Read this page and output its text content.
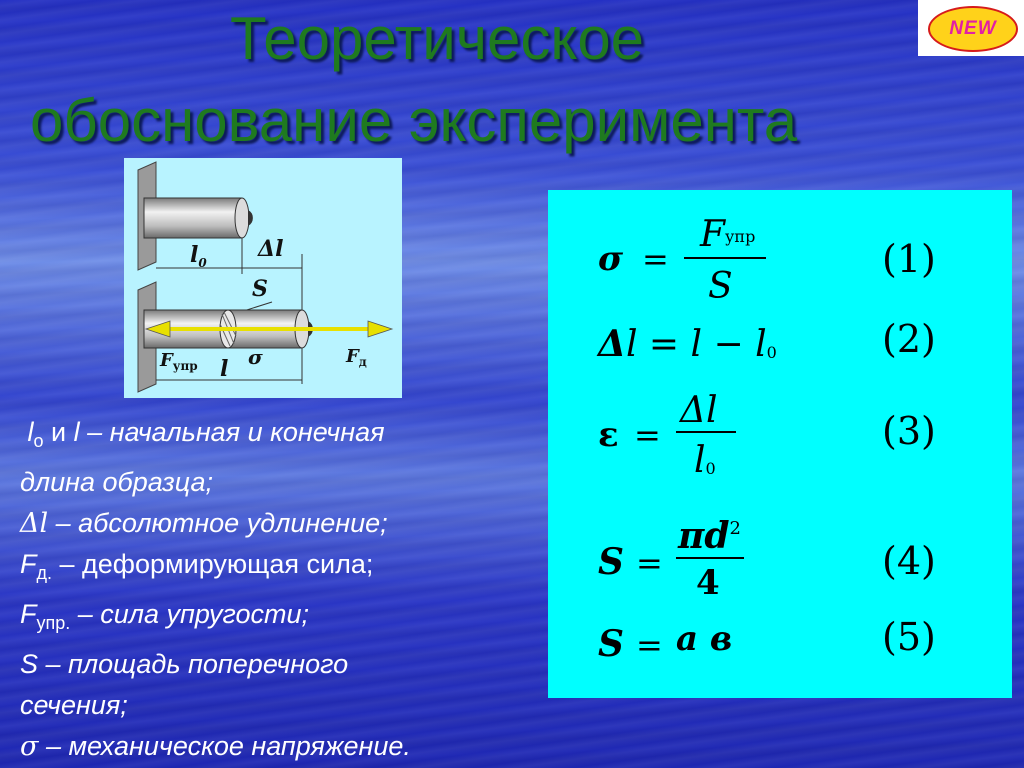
Теоретическое
обоснование эксперимента
NEW
$l_0$
Δl
S
$F_{упр}$ l σ	$F_д$
σ =
Fупр
S
(1)
Δl = l − l0	(2)
ε =
Δl
l0
(3)
S =
$\pi d^2$
4	(4)
S = а в	(5)
$l_о$ и l – начальная и конечная
длина образца;
Δl – абсолютное удлинение;
$F_{д.}$ – деформирующая сила;
$F_{упр.}$ – сила упругости;
S – площадь поперечного
сечения;
σ – механическое напряжение.
